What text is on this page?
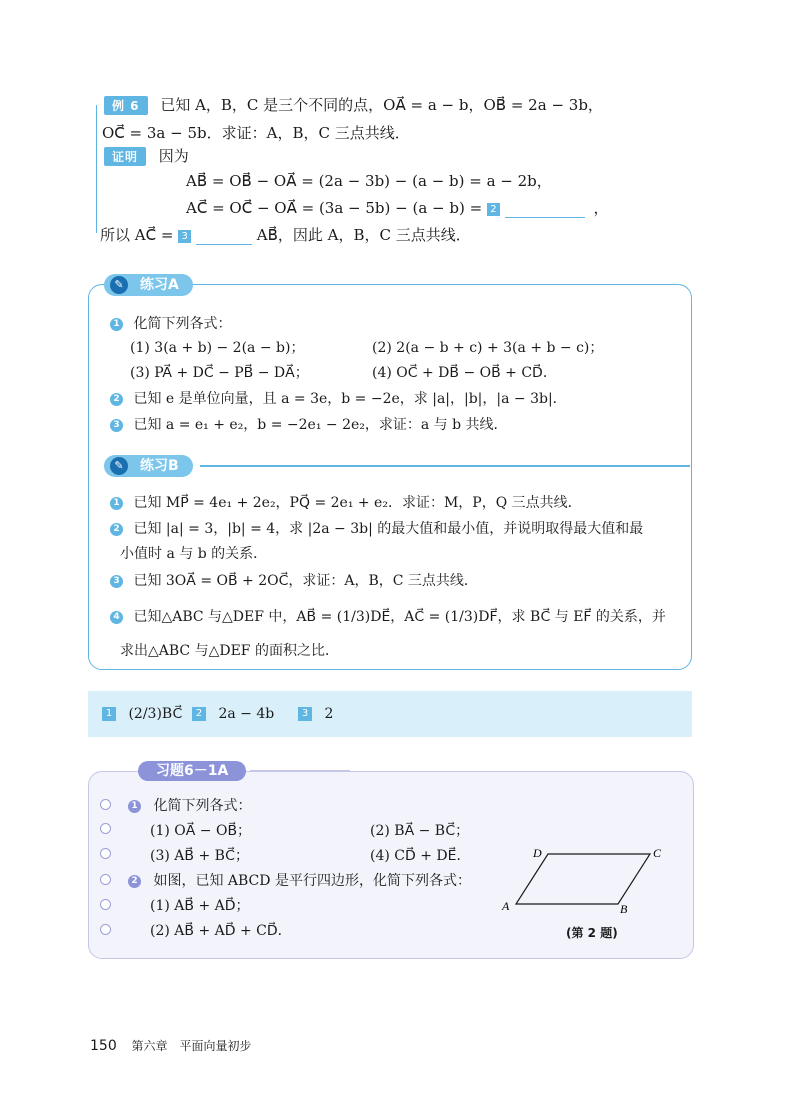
例 6 已知 A，B，C 是三个不同的点，OA⃗ = a − b，OB⃗ = 2a − 3b，
OC⃗ = 3a − 5b．求证：A，B，C 三点共线．
证明 因为
AB⃗ = OB⃗ − OA⃗ = (2a − 3b) − (a − b) = a − 2b，
AC⃗ = OC⃗ − OA⃗ = (3a − 5b) − (a − b) = 2	，
所以 AC⃗ = 3	AB⃗，因此 A，B，C 三点共线．
✎	练习A
1 化简下列各式：
(1) 3(a + b) − 2(a − b)；	(2) 2(a − b + c) + 3(a + b − c)；
(3) PA⃗ + DC⃗ − PB⃗ − DA⃗；	(4) OC⃗ + DB⃗ − OB⃗ + CD⃗．
2 已知 e 是单位向量，且 a = 3e，b = −2e，求 |a|，|b|，|a − 3b|．
3 已知 a = e₁ + e₂，b = −2e₁ − 2e₂，求证：a 与 b 共线．
✎	练习B
1 已知 MP⃗ = 4e₁ + 2e₂，PQ⃗ = 2e₁ + e₂．求证：M，P，Q 三点共线．
2 已知 |a| = 3，|b| = 4，求 |2a − 3b| 的最大值和最小值，并说明取得最大值和最
小值时 a 与 b 的关系．
3 已知 3OA⃗ = OB⃗ + 2OC⃗，求证：A，B，C 三点共线．
4 已知△ABC 与△DEF 中，AB⃗ = (1/3)DE⃗，AC⃗ = (1/3)DF⃗，求 BC⃗ 与 EF⃗ 的关系，并
求出△ABC 与△DEF 的面积之比．
1 (2/3)BC⃗	2 2a − 4b	3 2
习题6－1A
1 化简下列各式：
(1) OA⃗ − OB⃗；	(2) BA⃗ − BC⃗；
(3) AB⃗ + BC⃗；	(4) CD⃗ + DE⃗．
2 如图，已知 ABCD 是平行四边形，化简下列各式：
(1) AB⃗ + AD⃗；
(2) AB⃗ + AD⃗ + CD⃗．
A	B
C
D
(第 2 题)
150 第六章　平面向量初步
